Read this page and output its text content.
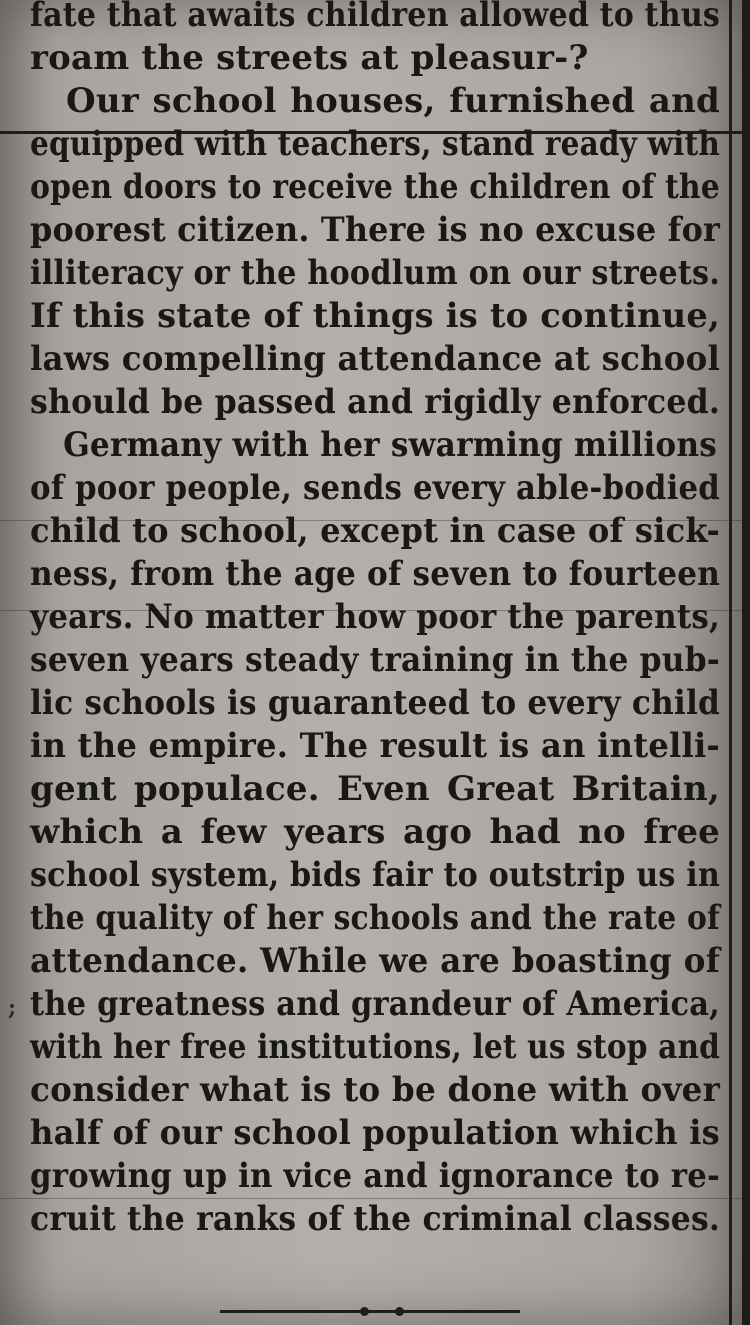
fate that awaits children allowed to thus
roam the streets at pleasur-?
Our school houses, furnished and
equipped with teachers, stand ready with
open doors to receive the children of the
poorest citizen. There is no excuse for
illiteracy or the hoodlum on our streets.
If this state of things is to continue,
laws compelling attendance at school
should be passed and rigidly enforced.
Germany with her swarming millions
of poor people, sends every able-bodied
child to school, except in case of sick-
ness, from the age of seven to fourteen
years. No matter how poor the parents,
seven years steady training in the pub-
lic schools is guaranteed to every child
in the empire. The result is an intelli-
gent populace. Even Great Britain,
which a few years ago had no free
school system, bids fair to outstrip us in
the quality of her schools and the rate of
attendance. While we are boasting of
the greatness and grandeur of America,
with her free institutions, let us stop and
consider what is to be done with over
half of our school population which is
growing up in vice and ignorance to re-
cruit the ranks of the criminal classes.
;
